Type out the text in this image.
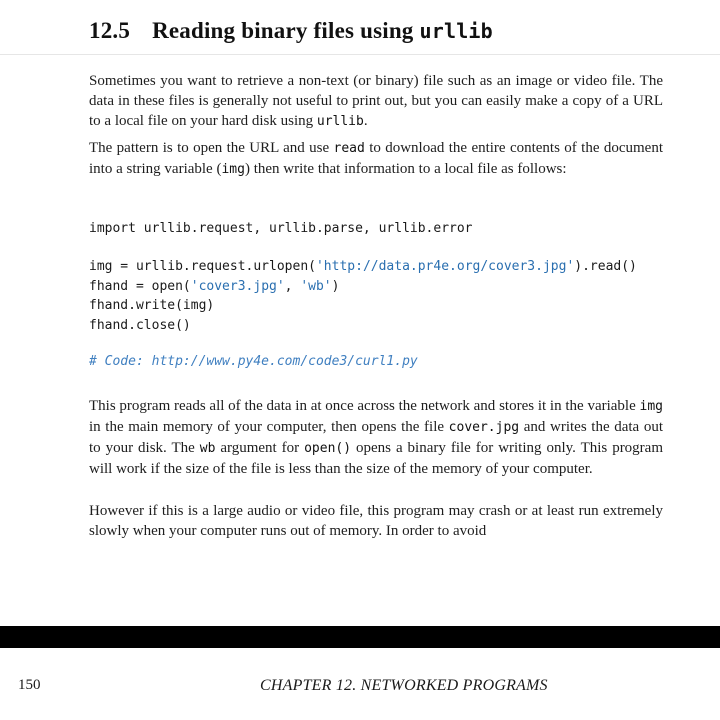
12.5 Reading binary files using urllib

Sometimes you want to retrieve a non-text (or binary) file such as an image or video file. The data in these files is generally not useful to print out, but you can easily make a copy of a URL to a local file on your hard disk using urllib.

The pattern is to open the URL and use read to download the entire contents of the document into a string variable (img) then write that information to a local file as follows:

import urllib.request, urllib.parse, urllib.error
img = urllib.request.urlopen('http://data.pr4e.org/cover3.jpg').read()
fhand = open('cover3.jpg', 'wb')
fhand.write(img)
fhand.close()
# Code: http://www.py4e.com/code3/curl1.py

This program reads all of the data in at once across the network and stores it in the variable img in the main memory of your computer, then opens the file cover.jpg and writes the data out to your disk. The wb argument for open() opens a binary file for writing only. This program will work if the size of the file is less than the size of the memory of your computer.

However if this is a large audio or video file, this program may crash or at least run extremely slowly when your computer runs out of memory. In order to avoid

150	CHAPTER 12. NETWORKED PROGRAMS
